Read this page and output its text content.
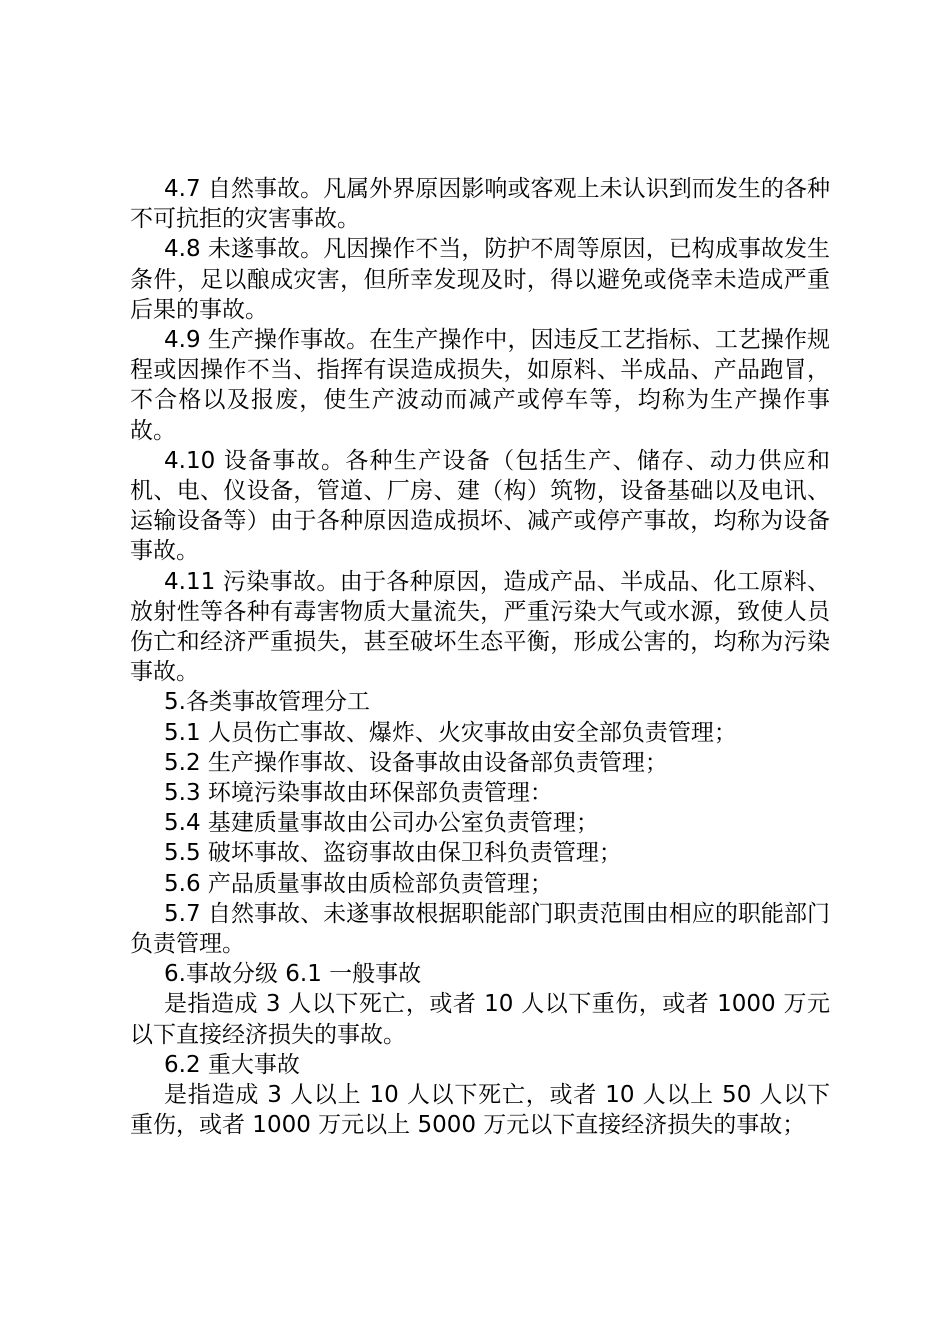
4.7 自然事故。凡属外界原因影响或客观上未认识到而发生的各种不可抗拒的灾害事故。

4.8 未遂事故。凡因操作不当，防护不周等原因，已构成事故发生条件，足以酿成灾害，但所幸发现及时，得以避免或侥幸未造成严重后果的事故。

4.9 生产操作事故。在生产操作中，因违反工艺指标、工艺操作规程或因操作不当、指挥有误造成损失，如原料、半成品、产品跑冒，不合格以及报废，使生产波动而减产或停车等，均称为生产操作事故。

4.10 设备事故。各种生产设备（包括生产、储存、动力供应和机、电、仪设备，管道、厂房、建（构）筑物，设备基础以及电讯、运输设备等）由于各种原因造成损坏、减产或停产事故，均称为设备事故。

4.11 污染事故。由于各种原因，造成产品、半成品、化工原料、放射性等各种有毒害物质大量流失，严重污染大气或水源，致使人员伤亡和经济严重损失，甚至破坏生态平衡，形成公害的，均称为污染事故。

5.各类事故管理分工

5.1 人员伤亡事故、爆炸、火灾事故由安全部负责管理；

5.2 生产操作事故、设备事故由设备部负责管理；

5.3 环境污染事故由环保部负责管理：

5.4 基建质量事故由公司办公室负责管理；

5.5 破坏事故、盗窃事故由保卫科负责管理；

5.6 产品质量事故由质检部负责管理；

5.7 自然事故、未遂事故根据职能部门职责范围由相应的职能部门负责管理。

6.事故分级 6.1 一般事故

是指造成 3 人以下死亡，或者 10 人以下重伤，或者 1000 万元以下直接经济损失的事故。

6.2 重大事故

是指造成 3 人以上 10 人以下死亡，或者 10 人以上 50 人以下重伤，或者 1000 万元以上 5000 万元以下直接经济损失的事故；
